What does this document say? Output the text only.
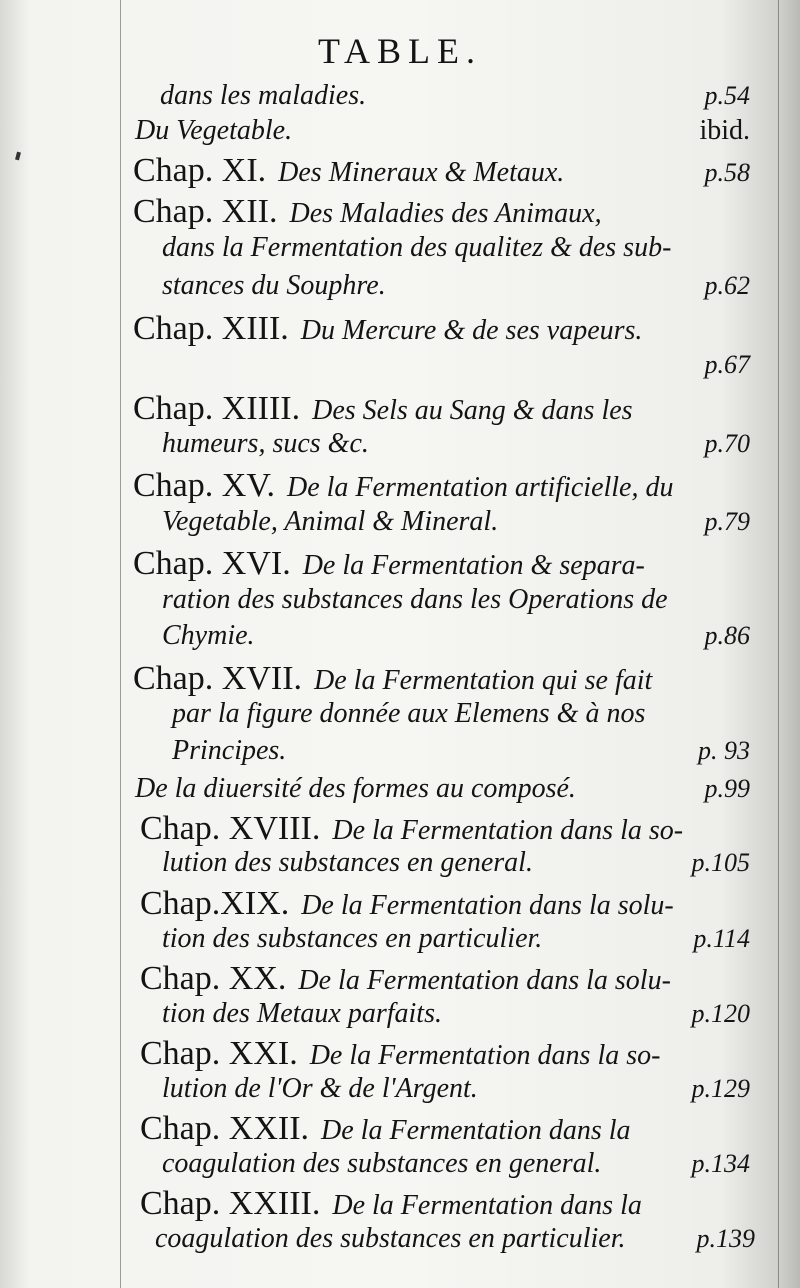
TABLE.
dans les maladies.	p.54
Du Vegetable.	ibid.
Chap. XI. Des Mineraux & Metaux.	p.58
Chap. XII. Des Maladies des Animaux,
dans la Fermentation des qualitez & des sub-
stances du Souphre.	p.62
Chap. XIII. Du Mercure & de ses vapeurs.
p.67
Chap. XIIII. Des Sels au Sang & dans les
humeurs, sucs &c.	p.70
Chap. XV. De la Fermentation artificielle, du
Vegetable, Animal & Mineral.	p.79
Chap. XVI. De la Fermentation & separa-
ration des substances dans les Operations de
Chymie.	p.86
Chap. XVII. De la Fermentation qui se fait
par la figure donnée aux Elemens & à nos
Principes.	p. 93
De la diuersité des formes au composé.	p.99
Chap. XVIII. De la Fermentation dans la so-
lution des substances en general.	p.105
Chap.XIX. De la Fermentation dans la solu-
tion des substances en particulier.	p.114
Chap. XX. De la Fermentation dans la solu-
tion des Metaux parfaits.	p.120
Chap. XXI. De la Fermentation dans la so-
lution de l'Or & de l'Argent.	p.129
Chap. XXII. De la Fermentation dans la
coagulation des substances en general.	p.134
Chap. XXIII. De la Fermentation dans la
coagulation des substances en particulier.	p.139
